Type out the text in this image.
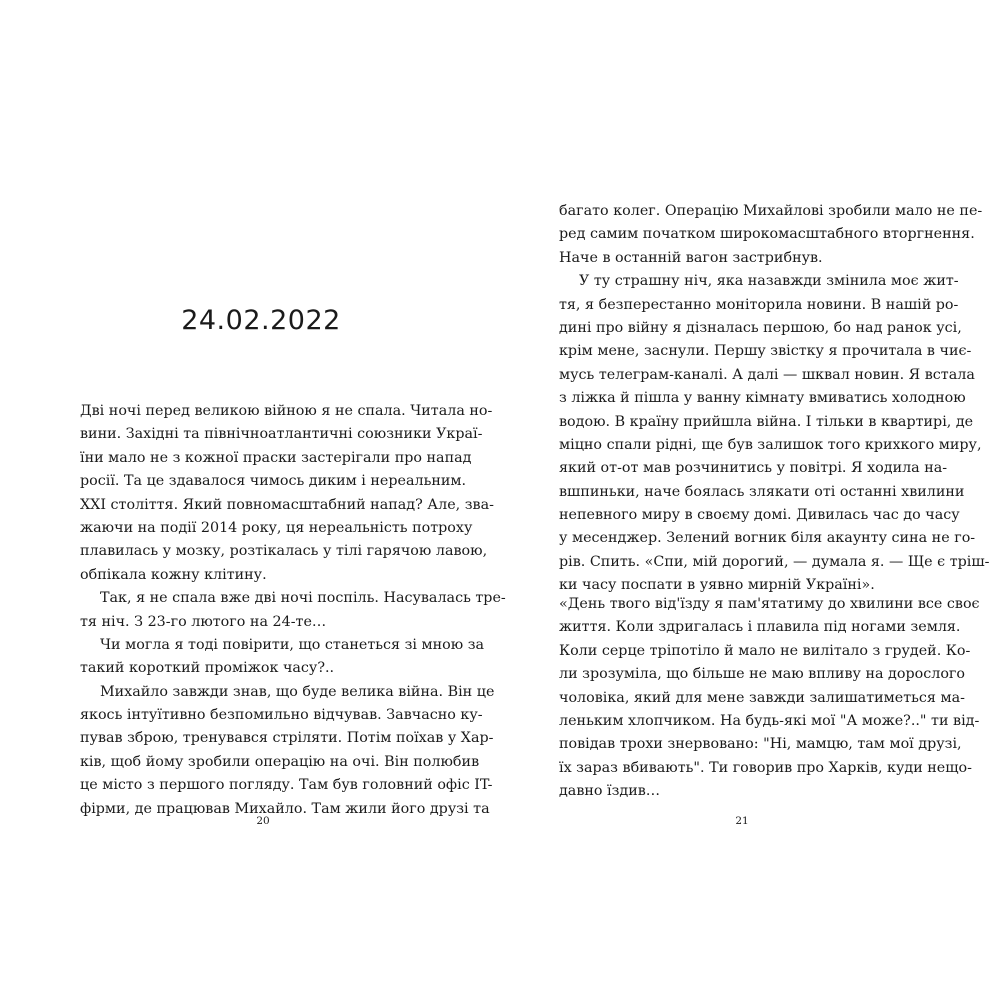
24.02.2022
Дві ночі перед великою війною я не спала. Читала но-
вини. Західні та північноатлантичні союзники Украї-
їни мало не з кожної праски застерігали про напад
росії. Та це здавалося чимось диким і нереальним.
XXI століття. Який повномасштабний напад? Але, зва-
жаючи на події 2014 року, ця нереальність потроху
плавилась у мозку, розтікалась у тілі гарячою лавою,
обпікала кожну клітину.
Так, я не спала вже дві ночі поспіль. Насувалась тре-
тя ніч. З 23-го лютого на 24-те…
Чи могла я тоді повірити, що станеться зі мною за
такий короткий проміжок часу?..
Михайло завжди знав, що буде велика війна. Він це
якось інтуїтивно безпомильно відчував. Завчасно ку-
пував зброю, тренувався стріляти. Потім поїхав у Хар-
ків, щоб йому зробили операцію на очі. Він полюбив
це місто з першого погляду. Там був головний офіс IT-
фірми, де працював Михайло. Там жили його друзі та
20
багато колег. Операцію Михайлові зробили мало не пе-
ред самим початком широкомасштабного вторгнення.
Наче в останній вагон застрибнув.
У ту страшну ніч, яка назавжди змінила моє жит-
тя, я безперестанно моніторила новини. В нашій ро-
дині про війну я дізналась першою, бо над ранок усі,
крім мене, заснули. Першу звістку я прочитала в чиє-
мусь телеграм-каналі. А далі — шквал новин. Я встала
з ліжка й пішла у ванну кімнату вмиватись холодною
водою. В країну прийшла війна. І тільки в квартирі, де
міцно спали рідні, ще був залишок того крихкого миру,
який от-от мав розчинитись у повітрі. Я ходила на-
вшпиньки, наче боялась злякати оті останні хвилини
непевного миру в своєму домі. Дивилась час до часу
у месенджер. Зелений вогник біля акаунту сина не го-
рів. Спить. «Спи, мій дорогий, — думала я. — Ще є тріш-
ки часу поспати в уявно мирній Україні».
«День твого від'їзду я пам'ятатиму до хвилини все своє
життя. Коли здригалась і плавила під ногами земля.
Коли серце тріпотіло й мало не вилітало з грудей. Ко-
ли зрозуміла, що більше не маю впливу на дорослого
чоловіка, який для мене завжди залишатиметься ма-
леньким хлопчиком. На будь-які мої "А може?.." ти від-
повідав трохи знервовано: "Ні, мамцю, там мої друзі,
їх зараз вбивають". Ти говорив про Харків, куди нещо-
давно їздив…
21
